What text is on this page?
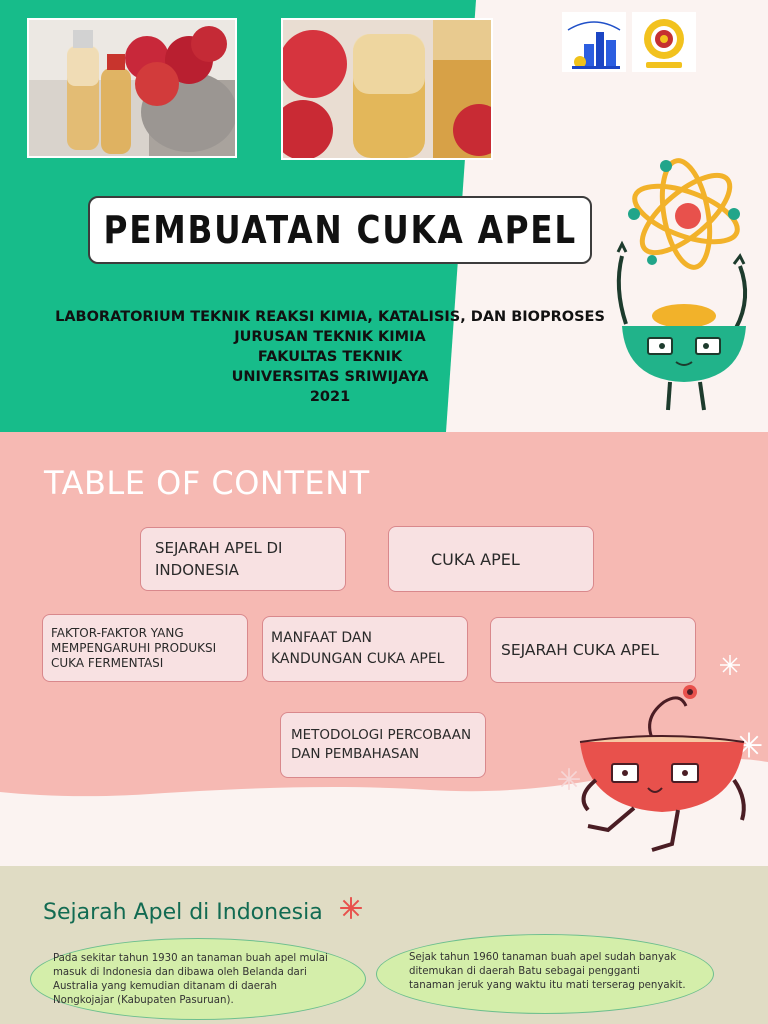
PEMBUATAN CUKA APEL
LABORATORIUM TEKNIK REAKSI KIMIA, KATALISIS, DAN BIOPROSES
JURUSAN TEKNIK KIMIA
FAKULTAS TEKNIK
UNIVERSITAS SRIWIJAYA
2021
TABLE OF CONTENT
SEJARAH APEL DI INDONESIA
CUKA APEL
FAKTOR-FAKTOR YANG MEMPENGARUHI PRODUKSI CUKA FERMENTASI
MANFAAT DAN KANDUNGAN CUKA APEL	SEJARAH CUKA APEL
METODOLOGI PERCOBAAN DAN PEMBAHASAN
Sejarah Apel di Indonesia
Pada sekitar tahun 1930 an tanaman buah apel mulai masuk di Indonesia dan dibawa oleh Belanda dari Australia yang kemudian ditanam di daerah Nongkojajar (Kabupaten Pasuruan).
Sejak tahun 1960 tanaman buah apel sudah banyak ditemukan di daerah Batu sebagai pengganti tanaman jeruk yang waktu itu mati terserag penyakit.
